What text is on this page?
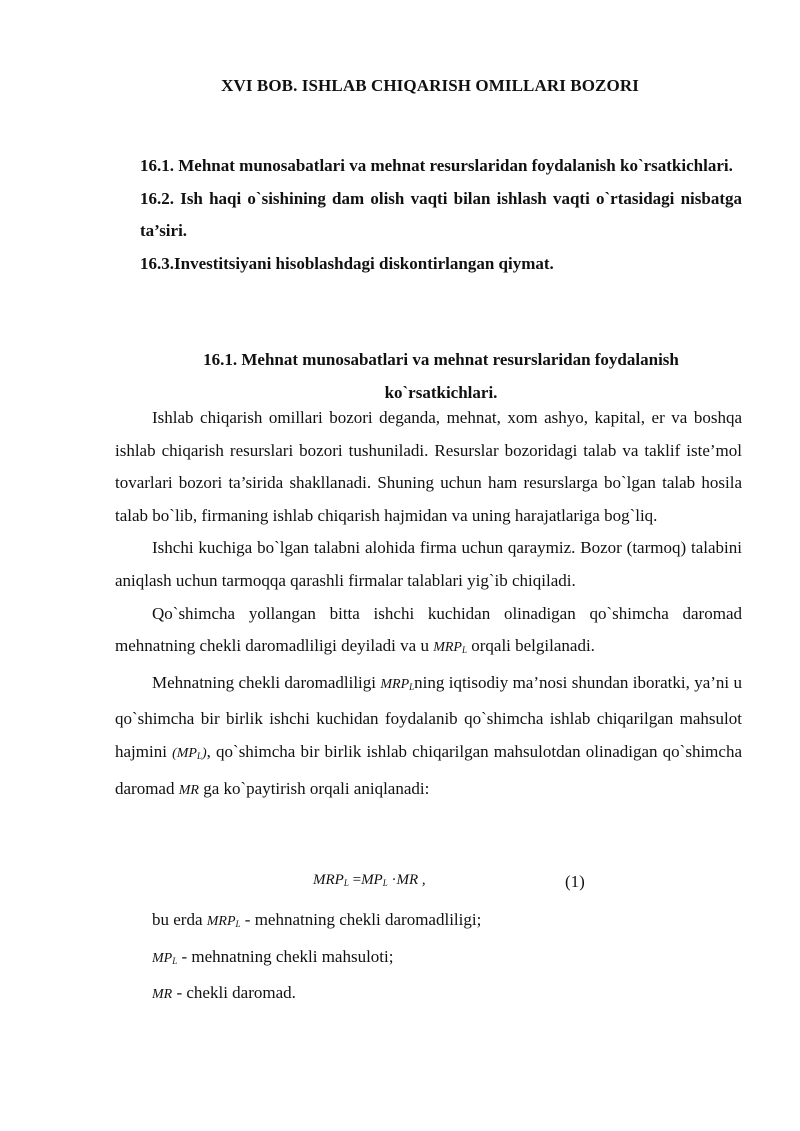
XVI BOB. ISHLAB CHIQARISH OMILLARI BOZORI

16.1. Mehnat munosabatlari va mehnat resurslaridan foydalanish ko`rsatkichlari.

16.2. Ish haqi o`sishining dam olish vaqti bilan ishlash vaqti o`rtasidagi nisbatga ta’siri.

16.3.Investitsiyani hisoblashdagi diskontirlangan qiymat.

16.1. Mehnat munosabatlari va mehnat resurslaridan foydalanish

ko`rsatkichlari.

Ishlab chiqarish omillari bozori deganda, mehnat, xom ashyo, kapital, er va boshqa ishlab chiqarish resurslari bozori tushuniladi. Resurslar bozoridagi talab va taklif iste’mol tovarlari bozori ta’sirida shakllanadi. Shuning uchun ham resurslarga bo`lgan talab hosila talab bo`lib, firmaning ishlab chiqarish hajmidan va uning harajatlariga bog`liq.

Ishchi kuchiga bo`lgan talabni alohida firma uchun qaraymiz. Bozor (tarmoq) talabini aniqlash uchun tarmoqqa qarashli firmalar talablari yig`ib chiqiladi.

Qo`shimcha yollangan bitta ishchi kuchidan olinadigan qo`shimcha daromad mehnatning chekli daromadliligi deyiladi va u $MRP_L$ orqali belgilanadi.

Mehnatning chekli daromadliligi $MRP_Lning$ iqtisodiy ma’nosi shundan iboratki, ya’ni u qo`shimcha bir birlik ishchi kuchidan foydalanib qo`shimcha ishlab chiqarilgan mahsulot hajmini $(MP_L)$, qo`shimcha bir birlik ishlab chiqarilgan mahsulotdan olinadigan qo`shimcha daromad MR ga ko`paytirish orqali aniqlanadi:

$MRP_L =MP_L \cdot MR$ ,	(1)

bu erda $MRP_L$ - mehnatning chekli daromadliligi;

$MP_L$ - mehnatning chekli mahsuloti;

MR - chekli daromad.
